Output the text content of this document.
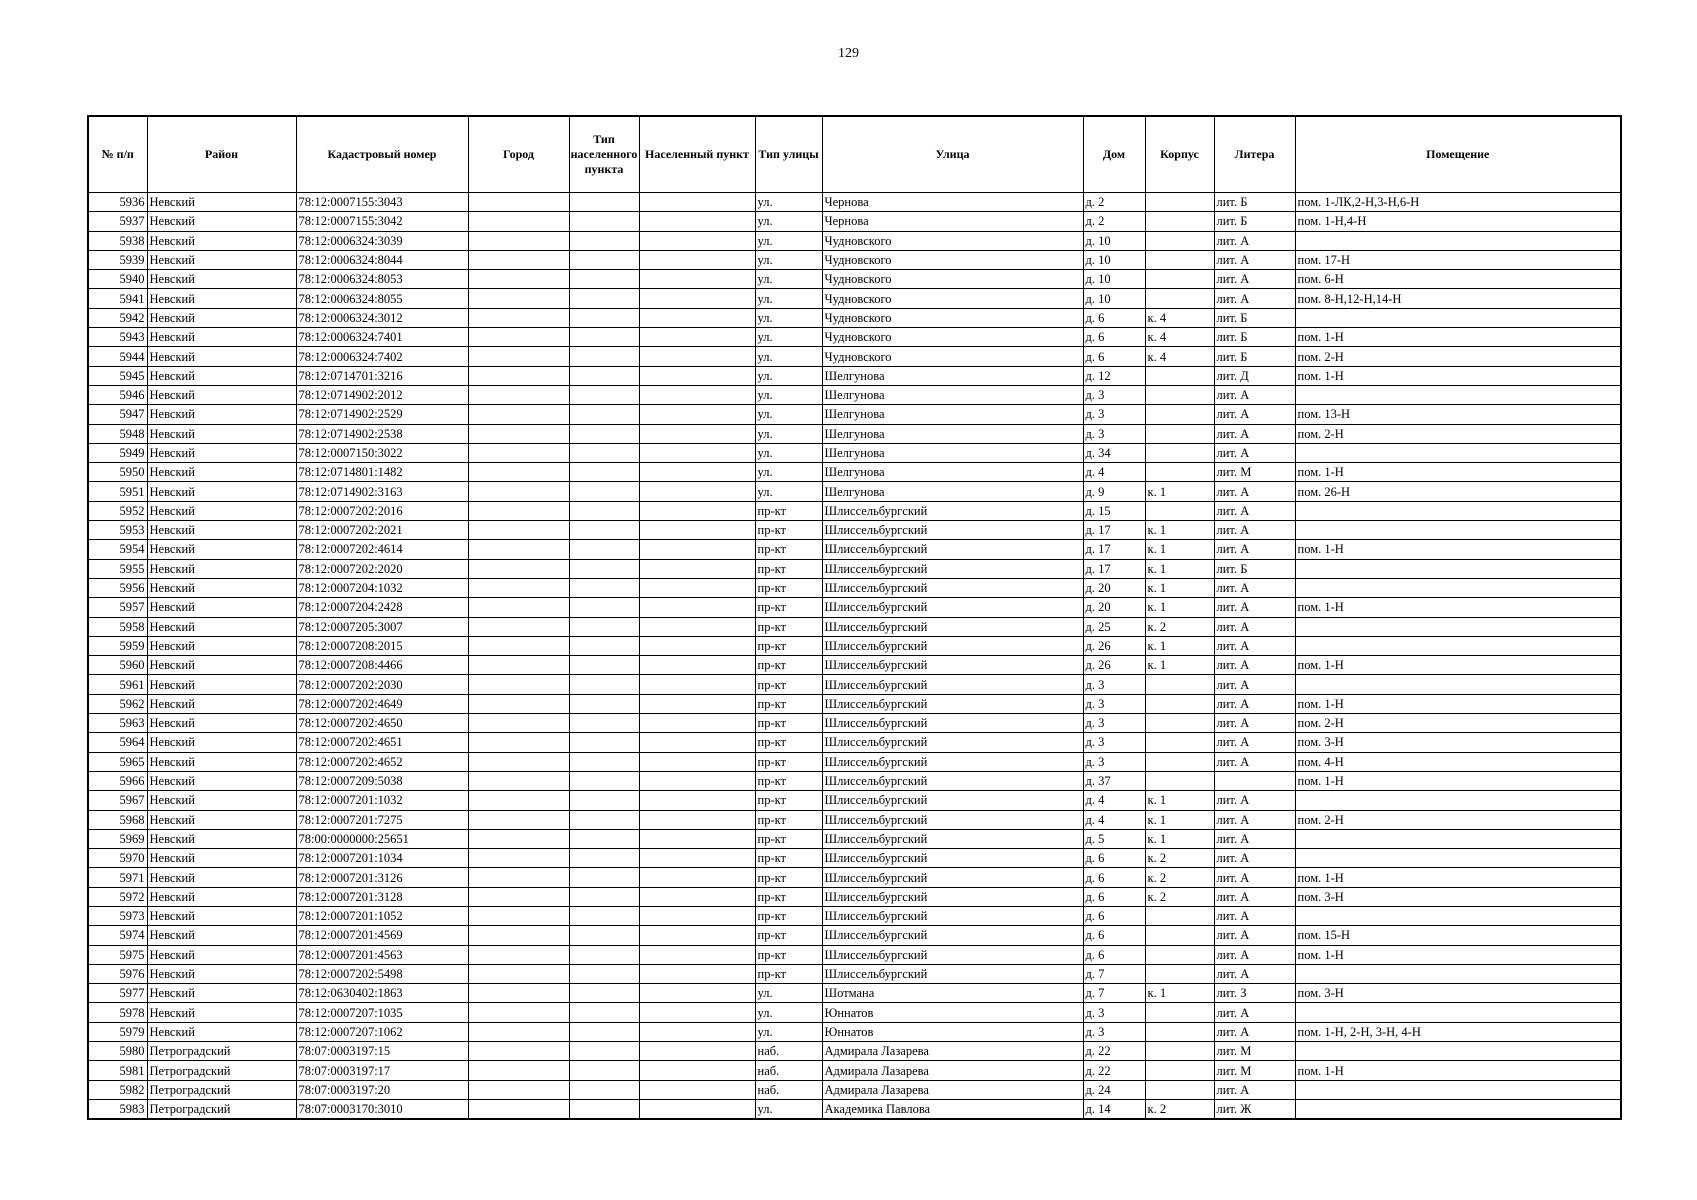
129
№ п/п	Район	Кадастровый номер	Город	Тип населенного пункта	Населенный пункт	Тип улицы	Улица	Дом	Корпус	Литера	Помещение
5936	Невский	78:12:0007155:3043				ул.	Чернова	д. 2		лит. Б	пом. 1-ЛК,2-Н,3-Н,6-Н
5937	Невский	78:12:0007155:3042				ул.	Чернова	д. 2		лит. Б	пом. 1-Н,4-Н
5938	Невский	78:12:0006324:3039				ул.	Чудновского	д. 10		лит. А	
5939	Невский	78:12:0006324:8044				ул.	Чудновского	д. 10		лит. А	пом. 17-Н
5940	Невский	78:12:0006324:8053				ул.	Чудновского	д. 10		лит. А	пом. 6-Н
5941	Невский	78:12:0006324:8055				ул.	Чудновского	д. 10		лит. А	пом. 8-Н,12-Н,14-Н
5942	Невский	78:12:0006324:3012				ул.	Чудновского	д. 6	к. 4	лит. Б	
5943	Невский	78:12:0006324:7401				ул.	Чудновского	д. 6	к. 4	лит. Б	пом. 1-Н
5944	Невский	78:12:0006324:7402				ул.	Чудновского	д. 6	к. 4	лит. Б	пом. 2-Н
5945	Невский	78:12:0714701:3216				ул.	Шелгунова	д. 12		лит. Д	пом. 1-Н
5946	Невский	78:12:0714902:2012				ул.	Шелгунова	д. 3		лит. А	
5947	Невский	78:12:0714902:2529				ул.	Шелгунова	д. 3		лит. А	пом. 13-Н
5948	Невский	78:12:0714902:2538				ул.	Шелгунова	д. 3		лит. А	пом. 2-Н
5949	Невский	78:12:0007150:3022				ул.	Шелгунова	д. 34		лит. А	
5950	Невский	78:12:0714801:1482				ул.	Шелгунова	д. 4		лит. М	пом. 1-Н
5951	Невский	78:12:0714902:3163				ул.	Шелгунова	д. 9	к. 1	лит. А	пом. 26-Н
5952	Невский	78:12:0007202:2016				пр-кт	Шлиссельбургский	д. 15		лит. А	
5953	Невский	78:12:0007202:2021				пр-кт	Шлиссельбургский	д. 17	к. 1	лит. А	
5954	Невский	78:12:0007202:4614				пр-кт	Шлиссельбургский	д. 17	к. 1	лит. А	пом. 1-Н
5955	Невский	78:12:0007202:2020				пр-кт	Шлиссельбургский	д. 17	к. 1	лит. Б	
5956	Невский	78:12:0007204:1032				пр-кт	Шлиссельбургский	д. 20	к. 1	лит. А	
5957	Невский	78:12:0007204:2428				пр-кт	Шлиссельбургский	д. 20	к. 1	лит. А	пом. 1-Н
5958	Невский	78:12:0007205:3007				пр-кт	Шлиссельбургский	д. 25	к. 2	лит. А	
5959	Невский	78:12:0007208:2015				пр-кт	Шлиссельбургский	д. 26	к. 1	лит. А	
5960	Невский	78:12:0007208:4466				пр-кт	Шлиссельбургский	д. 26	к. 1	лит. А	пом. 1-Н
5961	Невский	78:12:0007202:2030				пр-кт	Шлиссельбургский	д. 3		лит. А	
5962	Невский	78:12:0007202:4649				пр-кт	Шлиссельбургский	д. 3		лит. А	пом. 1-Н
5963	Невский	78:12:0007202:4650				пр-кт	Шлиссельбургский	д. 3		лит. А	пом. 2-Н
5964	Невский	78:12:0007202:4651				пр-кт	Шлиссельбургский	д. 3		лит. А	пом. 3-Н
5965	Невский	78:12:0007202:4652				пр-кт	Шлиссельбургский	д. 3		лит. А	пом. 4-Н
5966	Невский	78:12:0007209:5038				пр-кт	Шлиссельбургский	д. 37			пом. 1-Н
5967	Невский	78:12:0007201:1032				пр-кт	Шлиссельбургский	д. 4	к. 1	лит. А	
5968	Невский	78:12:0007201:7275				пр-кт	Шлиссельбургский	д. 4	к. 1	лит. А	пом. 2-Н
5969	Невский	78:00:0000000:25651				пр-кт	Шлиссельбургский	д. 5	к. 1	лит. А	
5970	Невский	78:12:0007201:1034				пр-кт	Шлиссельбургский	д. 6	к. 2	лит. А	
5971	Невский	78:12:0007201:3126				пр-кт	Шлиссельбургский	д. 6	к. 2	лит. А	пом. 1-Н
5972	Невский	78:12:0007201:3128				пр-кт	Шлиссельбургский	д. 6	к. 2	лит. А	пом. 3-Н
5973	Невский	78:12:0007201:1052				пр-кт	Шлиссельбургский	д. 6		лит. А	
5974	Невский	78:12:0007201:4569				пр-кт	Шлиссельбургский	д. 6		лит. А	пом. 15-Н
5975	Невский	78:12:0007201:4563				пр-кт	Шлиссельбургский	д. 6		лит. А	пом. 1-Н
5976	Невский	78:12:0007202:5498				пр-кт	Шлиссельбургский	д. 7		лит. А	
5977	Невский	78:12:0630402:1863				ул.	Шотмана	д. 7	к. 1	лит. З	пом. 3-Н
5978	Невский	78:12:0007207:1035				ул.	Юннатов	д. 3		лит. А	
5979	Невский	78:12:0007207:1062				ул.	Юннатов	д. 3		лит. А	пом. 1-Н, 2-Н, 3-Н, 4-Н
5980	Петроградский	78:07:0003197:15				наб.	Адмирала Лазарева	д. 22		лит. М	
5981	Петроградский	78:07:0003197:17				наб.	Адмирала Лазарева	д. 22		лит. М	пом. 1-Н
5982	Петроградский	78:07:0003197:20				наб.	Адмирала Лазарева	д. 24		лит. А	
5983	Петроградский	78:07:0003170:3010				ул.	Академика Павлова	д. 14	к. 2	лит. Ж	
